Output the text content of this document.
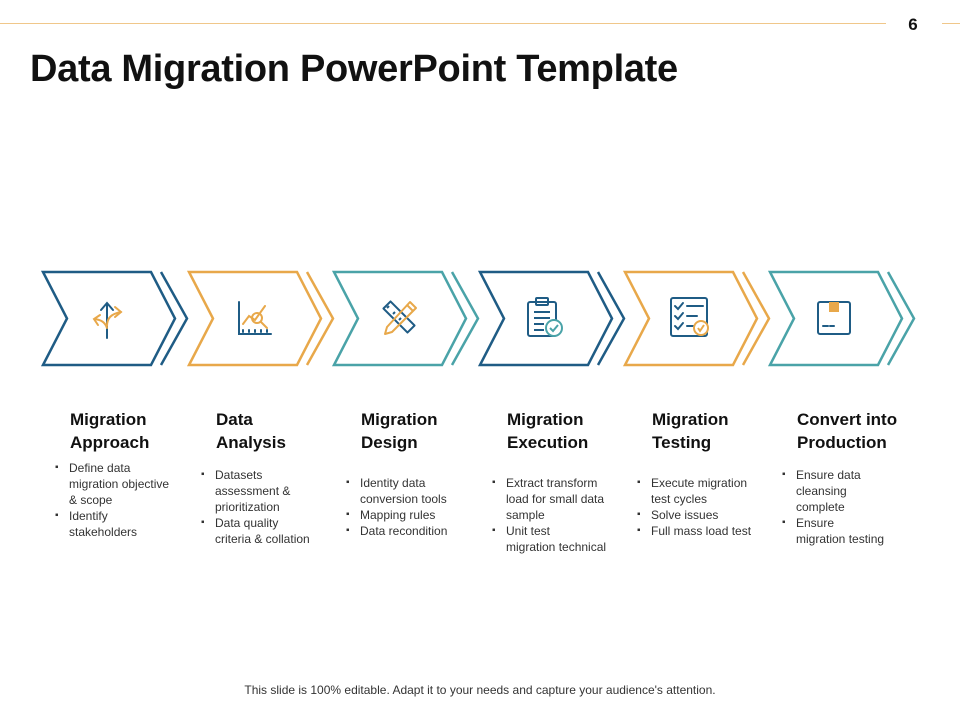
6
Data Migration PowerPoint Template
Migration
Approach
▪ Define data
migration objective
& scope
▪ Identify
stakeholders
Data
Analysis
▪ Datasets
assessment &
prioritization
▪ Data quality
criteria & collation
Migration
Design
▪ Identity data
conversion tools
▪ Mapping rules
▪ Data recondition
Migration
Execution
▪ Extract transform
load for small data
sample
▪ Unit test
migration technical
Migration
Testing
▪ Execute migration
test cycles
▪ Solve issues
▪ Full mass load test
Convert into
Production
▪ Ensure data
cleansing
complete
▪ Ensure
migration testing
This slide is 100% editable. Adapt it to your needs and capture your audience's attention.
